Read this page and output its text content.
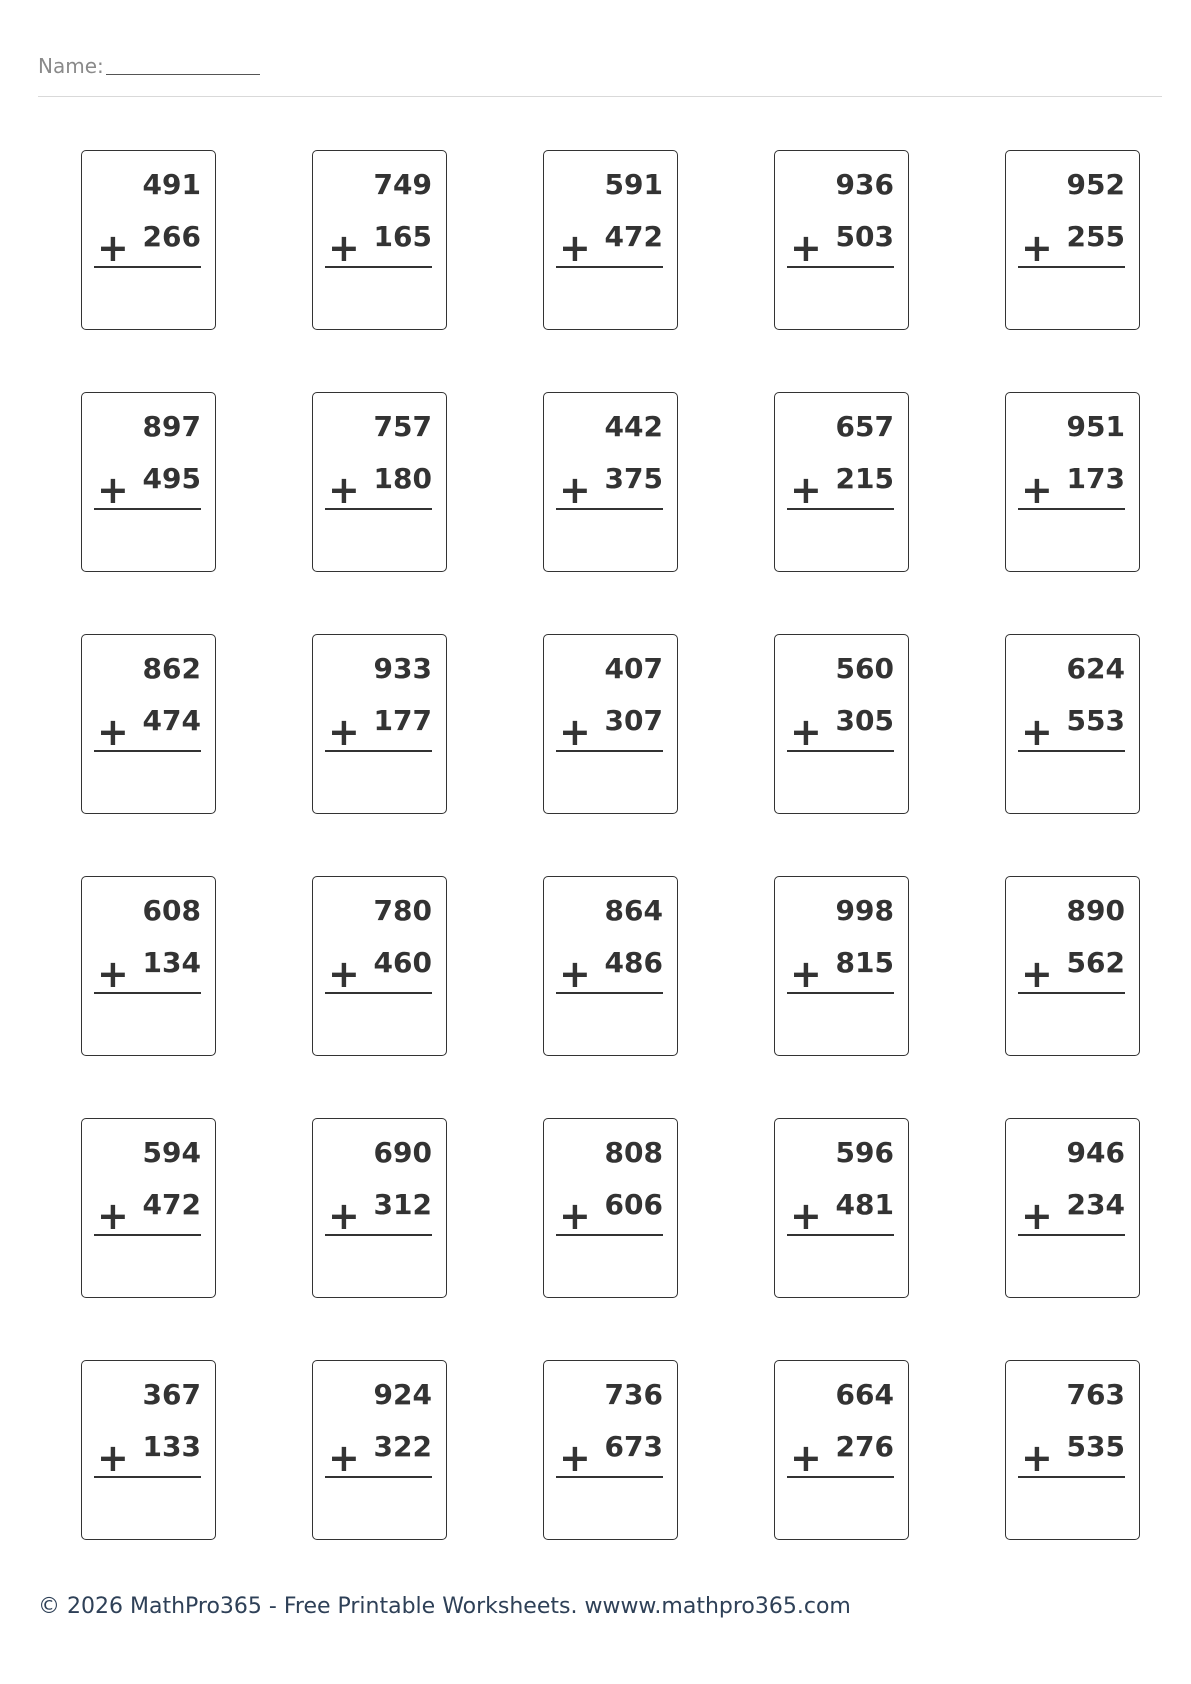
Name:
491
+ 266
749
+ 165
591
+ 472
936
+ 503
952
+ 255
897
+ 495
757
+ 180
442
+ 375
657
+ 215
951
+ 173
862
+ 474
933
+ 177
407
+ 307
560
+ 305
624
+ 553
608
+ 134
780
+ 460
864
+ 486
998
+ 815
890
+ 562
594
+ 472
690
+ 312
808
+ 606
596
+ 481
946
+ 234
367
+ 133
924
+ 322
736
+ 673
664
+ 276
763
+ 535
© 2026 MathPro365 - Free Printable Worksheets. wwww.mathpro365.com
